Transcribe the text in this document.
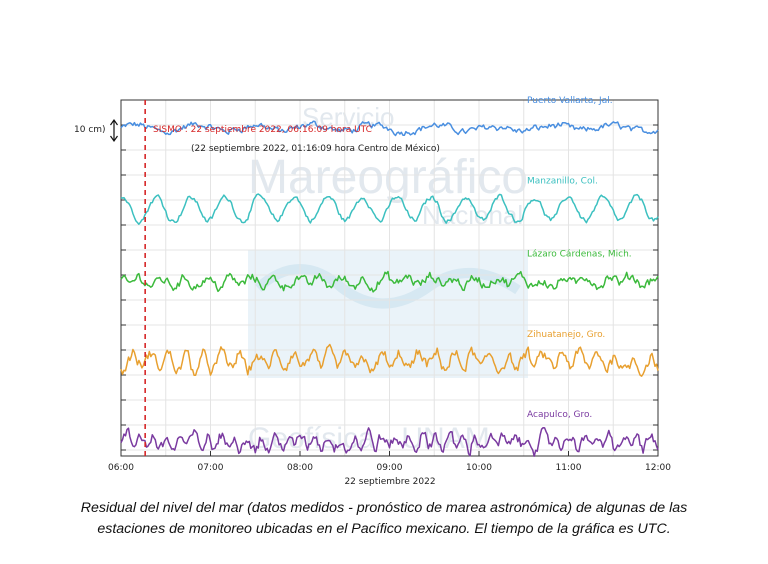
Servicio
Mareográfico
Nacional
Geofísica - UNAM
06:00	07:00	08:00	09:00	10:00	11:00	12:00
Puerto Vallarta, Jal.
Manzanillo, Col.
Lázaro Cárdenas, Mich.
Zihuatanejo, Gro.
Acapulco, Gro.
SISMO : 22 septiembre 2022, 06:16:09 hora UTC
(22 septiembre 2022, 01:16:09 hora Centro de México)
10 cm)
22 septiembre 2022
Residual del nivel del mar (datos medidos - pronóstico de marea astronómica) de algunas de las
estaciones de monitoreo ubicadas en el Pacífico mexicano. El tiempo de la gráfica es UTC.
